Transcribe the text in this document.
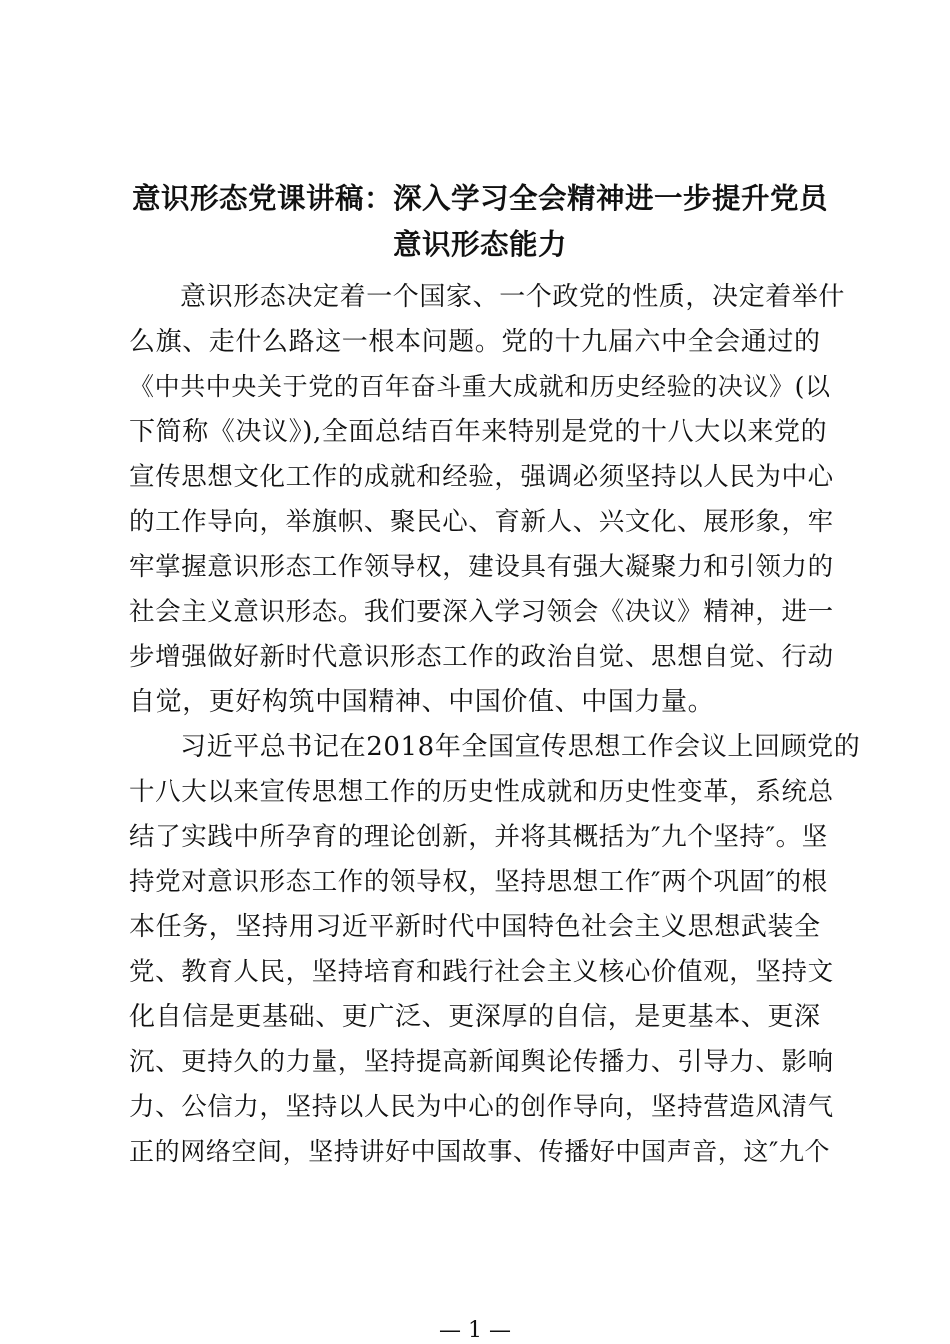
意识形态党课讲稿：深入学习全会精神进一步提升党员
意识形态能力
意识形态决定着一个国家、一个政党的性质，决定着举什
么旗、走什么路这一根本问题。党的十九届六中全会通过的
《中共中央关于党的百年奋斗重大成就和历史经验的决议》(以
下简称《决议》),全面总结百年来特别是党的十八大以来党的
宣传思想文化工作的成就和经验，强调必须坚持以人民为中心
的工作导向，举旗帜、聚民心、育新人、兴文化、展形象，牢
牢掌握意识形态工作领导权，建设具有强大凝聚力和引领力的
社会主义意识形态。我们要深入学习领会《决议》精神，进一
步增强做好新时代意识形态工作的政治自觉、思想自觉、行动
自觉，更好构筑中国精神、中国价值、中国力量。
习近平总书记在2018年全国宣传思想工作会议上回顾党的
十八大以来宣传思想工作的历史性成就和历史性变革，系统总
结了实践中所孕育的理论创新，并将其概括为″九个坚持″。坚
持党对意识形态工作的领导权，坚持思想工作″两个巩固″的根
本任务，坚持用习近平新时代中国特色社会主义思想武装全
党、教育人民，坚持培育和践行社会主义核心价值观，坚持文
化自信是更基础、更广泛、更深厚的自信，是更基本、更深
沉、更持久的力量，坚持提高新闻舆论传播力、引导力、影响
力、公信力，坚持以人民为中心的创作导向，坚持营造风清气
正的网络空间，坚持讲好中国故事、传播好中国声音，这″九个
— 1 —
